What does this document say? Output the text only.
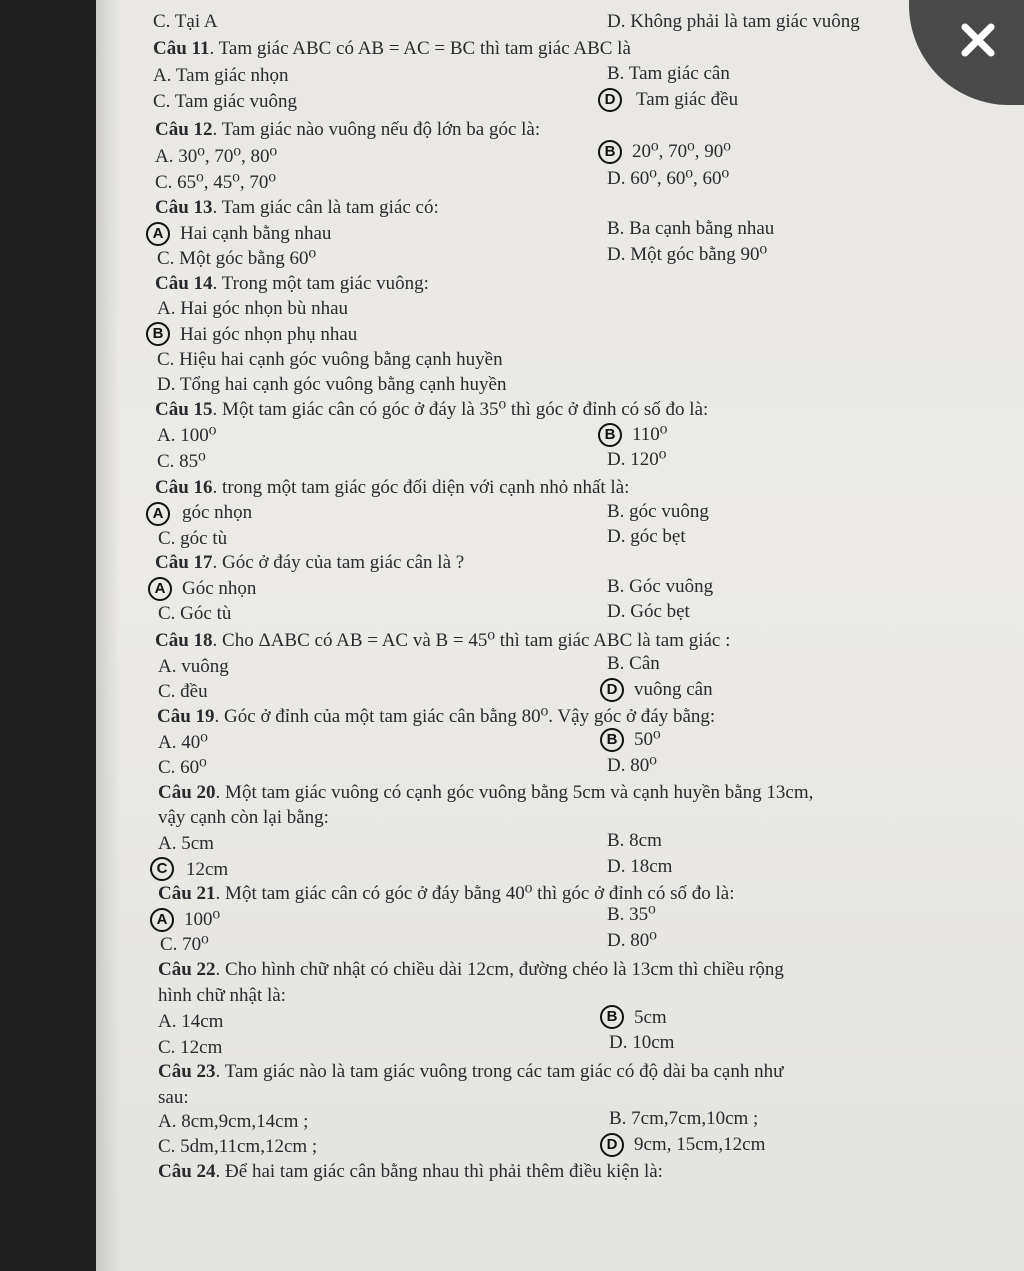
C. Tại A	D. Không phải là tam giác vuông
Câu 11. Tam giác ABC có AB = AC = BC thì tam giác ABC là
A. Tam giác nhọn	B. Tam giác cân
C. Tam giác vuông	Tam giác đều
Câu 12. Tam giác nào vuông nếu độ lớn ba góc là:
A. 30⁰, 70⁰, 80⁰	20⁰, 70⁰, 90⁰
C. 65⁰, 45⁰, 70⁰	D. 60⁰, 60⁰, 60⁰
Câu 13. Tam giác cân là tam giác có:
Hai cạnh bằng nhau	B. Ba cạnh bằng nhau
C. Một góc bằng 60⁰	D. Một góc bằng 90⁰
Câu 14. Trong một tam giác vuông:
A. Hai góc nhọn bù nhau
Hai góc nhọn phụ nhau
C. Hiệu hai cạnh góc vuông bằng cạnh huyền
D. Tổng hai cạnh góc vuông bằng cạnh huyền
Câu 15. Một tam giác cân có góc ở đáy là 35⁰ thì góc ở đỉnh có số đo là:
A. 100⁰	110⁰
C. 85⁰	D. 120⁰
Câu 16. trong một tam giác góc đối diện với cạnh nhỏ nhất là:
góc nhọn	B. góc vuông
C. góc tù	D. góc bẹt
Câu 17. Góc ở đáy của tam giác cân là ?
Góc nhọn	B. Góc vuông
C. Góc tù	D. Góc bẹt
Câu 18. Cho ΔABC có AB = AC và B = 45⁰ thì tam giác ABC là tam giác :
A. vuông	B. Cân
C. đều	vuông cân
Câu 19. Góc ở đỉnh của một tam giác cân bằng 80⁰. Vậy góc ở đáy bằng:
A. 40⁰	50⁰
C. 60⁰	D. 80⁰
Câu 20. Một tam giác vuông có cạnh góc vuông bằng 5cm và cạnh huyền bằng 13cm,
vậy cạnh còn lại bằng:
A. 5cm	B. 8cm
12cm	D. 18cm
Câu 21. Một tam giác cân có góc ở đáy bằng 40⁰ thì góc ở đỉnh có số đo là:
100⁰	B. 35⁰
C. 70⁰	D. 80⁰
Câu 22. Cho hình chữ nhật có chiều dài 12cm, đường chéo là 13cm thì chiều rộng
hình chữ nhật là:
A. 14cm	5cm
C. 12cm	D. 10cm
Câu 23. Tam giác nào là tam giác vuông trong các tam giác có độ dài ba cạnh như
sau:
A. 8cm,9cm,14cm ;	B. 7cm,7cm,10cm ;
C. 5dm,11cm,12cm ;	9cm, 15cm,12cm
Câu 24. Để hai tam giác cân bằng nhau thì phải thêm điều kiện là:
D
B
A
B
B
A
A
D
B
C
A
B
D
